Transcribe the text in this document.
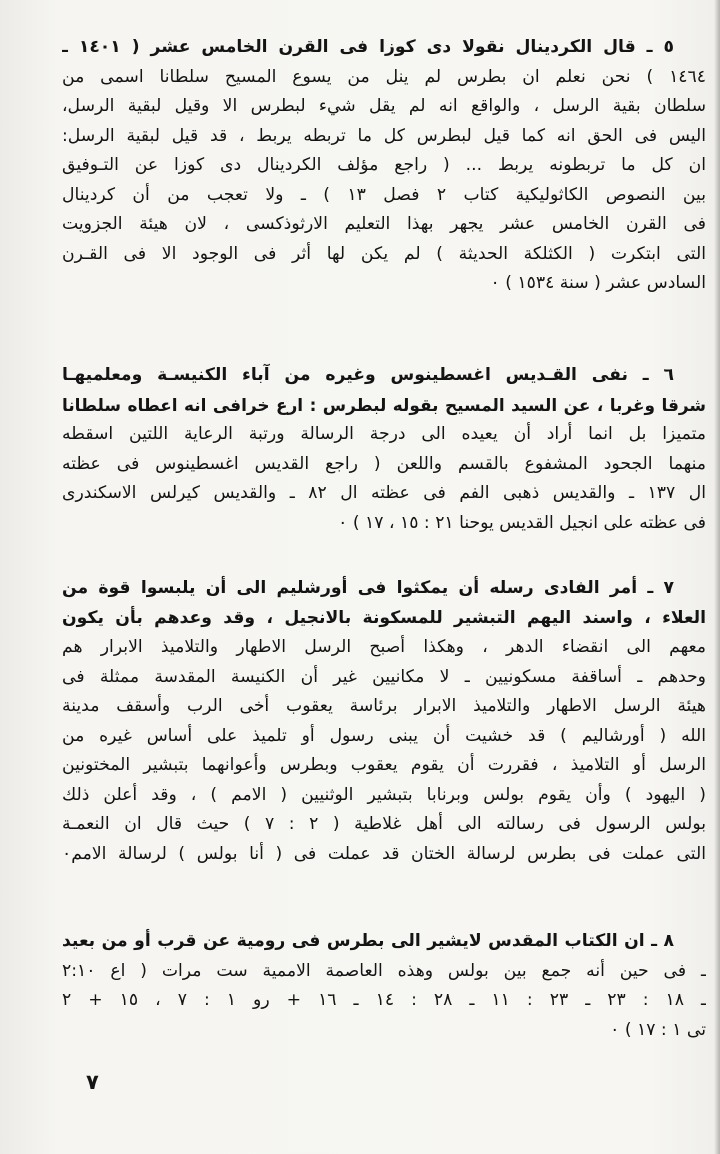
٥ ـ قال الكردينال نقولا دى كوزا فى القرن الخامس عشر ( ١٤٠١ ـ
١٤٦٤ ) نحن نعلم ان بطرس لم ينل من يسوع المسيح سلطانا اسمى من
سلطان بقية الرسل ، والواقع انه لم يقل شيء لبطرس الا وقيل لبقية الرسل،
اليس فى الحق انه كما قيل لبطرس كل ما تربطه يربط ، قد قيل لبقية الرسل:
ان كل ما تربطونه يربط ... ( راجع مؤلف الكردينال دى كوزا عن التـوفيق
بين النصوص الكاثوليكية كتاب ٢ فصل ١٣ ) ـ ولا تعجب من أن كردينال
فى القرن الخامس عشر يجهر بهذا التعليم الارثوذكسى ، لان هيئة الجزويت
التى ابتكرت ( الكثلكة الحديثة ) لم يكن لها أثر فى الوجود الا فى القـرن
السادس عشر ( سنة ١٥٣٤ ) ٠
٦ ـ نفى القـديس اغسطينوس وغيره من آباء الكنيسـة ومعلميهـا
شرقا وغربا ، عن السيد المسيح بقوله لبطرس : ارع خرافى انه اعطاه سلطانا
متميزا بل انما أراد أن يعيده الى درجة الرسالة ورتبة الرعاية اللتين اسقطه
منهما الجحود المشفوع بالقسم واللعن ( راجع القديس اغسطينوس فى عظته
ال ١٣٧ ـ والقديس ذهبى الفم فى عظته ال ٨٢ ـ والقديس كيرلس الاسكندرى
فى عظته على انجيل القديس يوحنا ٢١ : ١٥ ، ١٧ ) ٠
٧ ـ أمر الفادى رسله أن يمكثوا فى أورشليم الى أن يلبسوا قوة من
العلاء ، واسند اليهم التبشير للمسكونة بالانجيل ، وقد وعدهم بأن يكون
معهم الى انقضاء الدهر ، وهكذا أصبح الرسل الاطهار والتلاميذ الابرار هم
وحدهم ـ أساقفة مسكونيين ـ لا مكانيين غير أن الكنيسة المقدسة ممثلة فى
هيئة الرسل الاطهار والتلاميذ الابرار برئاسة يعقوب أخى الرب وأسقف مدينة
الله ( أورشاليم ) قد خشيت أن يبنى رسول أو تلميذ على أساس غيره من
الرسل أو التلاميذ ، فقررت أن يقوم يعقوب وبطرس وأعوانهما بتبشير المختونين
( اليهود ) وأن يقوم بولس وبرنابا بتبشير الوثنيين ( الامم ) ، وقد أعلن ذلك
بولس الرسول فى رسالته الى أهل غلاطية ( ٢ : ٧ ) حيث قال ان النعمـة
التى عملت فى بطرس لرسالة الختان قد عملت فى ( أنا بولس ) لرسالة الامم٠
٨ ـ ان الكتاب المقدس لايشير الى بطرس فى رومية عن قرب أو من بعيد
ـ فى حين أنه جمع بين بولس وهذه العاصمة الاممية ست مرات ( اع ٢:١٠
ـ ١٨ : ٢٣ ـ ٢٣ : ١١ ـ ٢٨ : ١٤ ـ ١٦ + رو ١ : ٧ ، ١٥ + ٢
تى ١ : ١٧ ) ٠
٧
